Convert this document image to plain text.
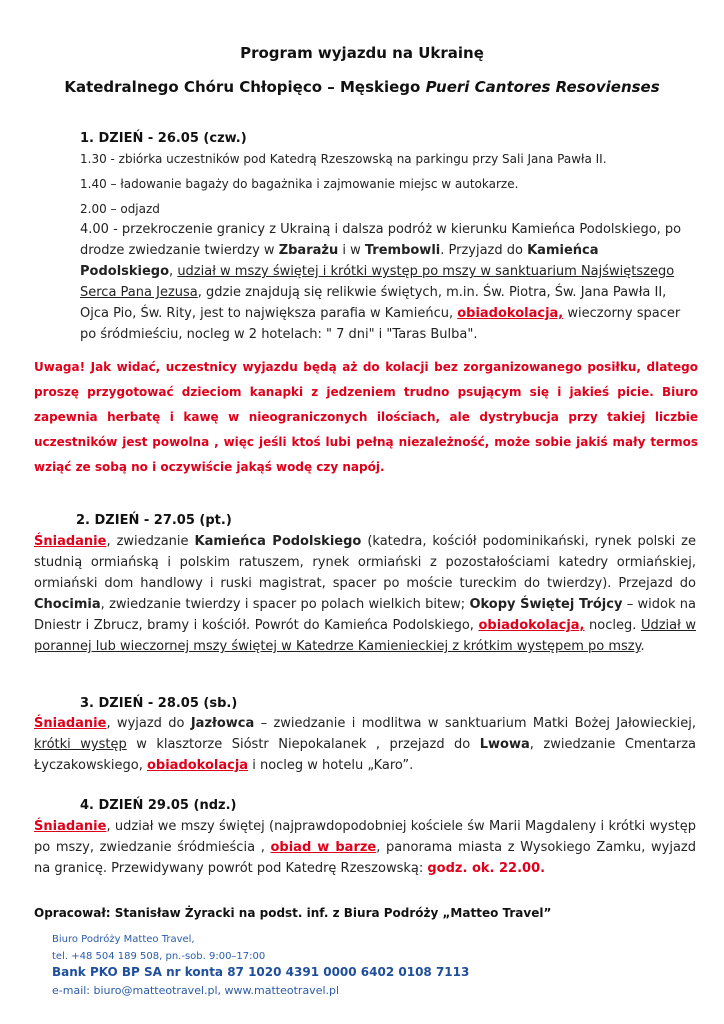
Program wyjazdu na Ukrainę
Katedralnego Chóru Chłopięco – Męskiego Pueri Cantores Resovienses
1. DZIEŃ - 26.05 (czw.)
1.30 - zbiórka uczestników pod Katedrą Rzeszowską na parkingu przy Sali Jana Pawła II.
1.40 – ładowanie bagaży do bagażnika i zajmowanie miejsc w autokarze.
2.00 – odjazd
4.00 - przekroczenie granicy z Ukrainą i dalsza podróż w kierunku Kamieńca Podolskiego, po drodze zwiedzanie twierdzy w Zbarażu i w Trembowli. Przyjazd do Kamieńca Podolskiego, udział w mszy świętej i krótki występ po mszy w sanktuarium Najświętszego Serca Pana Jezusa, gdzie znajdują się relikwie świętych, m.in. Św. Piotra, Św. Jana Pawła II, Ojca Pio, Św. Rity, jest to największa parafia w Kamieńcu, obiadokolacja, wieczorny spacer po śródmieściu, nocleg w 2 hotelach: " 7 dni" i "Taras Bulba".
Uwaga! Jak widać, uczestnicy wyjazdu będą aż do kolacji bez zorganizowanego posiłku, dlatego proszę przygotować dzieciom kanapki z jedzeniem trudno psującym się i jakieś picie. Biuro zapewnia herbatę i kawę w nieograniczonych ilościach, ale dystrybucja przy takiej liczbie uczestników jest powolna , więc jeśli ktoś lubi pełną niezależność, może sobie jakiś mały termos wziąć ze sobą no i oczywiście jakąś wodę czy napój.
2. DZIEŃ - 27.05 (pt.)
Śniadanie, zwiedzanie Kamieńca Podolskiego (katedra, kościół podominikański, rynek polski ze studnią ormiańską i polskim ratuszem, rynek ormiański z pozostałościami katedry ormiańskiej, ormiański dom handlowy i ruski magistrat, spacer po moście tureckim do twierdzy). Przejazd do Chocimia, zwiedzanie twierdzy i spacer po polach wielkich bitew; Okopy Świętej Trójcy – widok na Dniestr i Zbrucz, bramy i kościół. Powrót do Kamieńca Podolskiego, obiadokolacja, nocleg. Udział w porannej lub wieczornej mszy świętej w Katedrze Kamienieckiej z krótkim występem po mszy.
3. DZIEŃ - 28.05 (sb.)
Śniadanie, wyjazd do Jazłowca – zwiedzanie i modlitwa w sanktuarium Matki Bożej Jałowieckiej, krótki występ w klasztorze Sióstr Niepokalanek , przejazd do Lwowa, zwiedzanie Cmentarza Łyczakowskiego, obiadokolacja i nocleg w hotelu „Karo”.
4. DZIEŃ 29.05 (ndz.)
Śniadanie, udział we mszy świętej (najprawdopodobniej kościele św Marii Magdaleny i krótki występ po mszy, zwiedzanie śródmieścia , obiad w barze, panorama miasta z Wysokiego Zamku, wyjazd na granicę. Przewidywany powrót pod Katedrę Rzeszowską: godz. ok. 22.00.
Opracował: Stanisław Żyracki na podst. inf. z Biura Podróży „Matteo Travel”
Biuro Podróży Matteo Travel,
tel. +48 504 189 508, pn.-sob. 9:00–17:00
Bank PKO BP SA nr konta 87 1020 4391 0000 6402 0108 7113
e-mail: biuro@matteotravel.pl, www.matteotravel.pl
